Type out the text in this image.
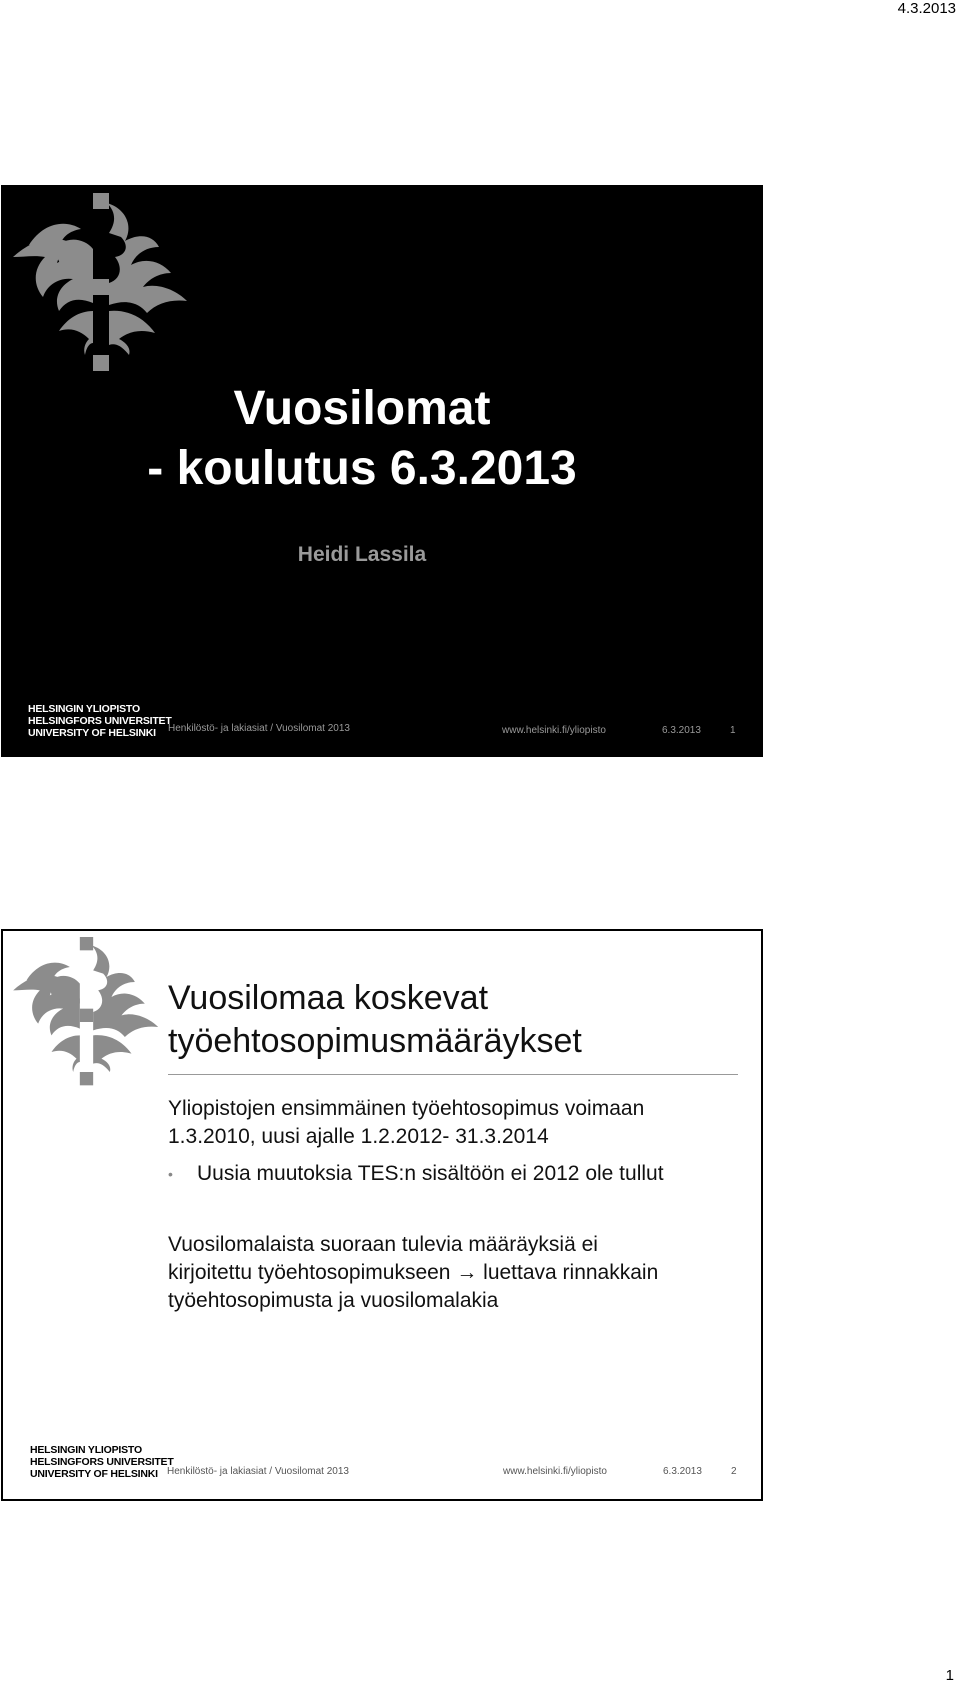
4.3.2013
Vuosilomat
- koulutus 6.3.2013
Heidi Lassila
HELSINGIN YLIOPISTO
HELSINGFORS UNIVERSITET
UNIVERSITY OF HELSINKI	Henkilöstö- ja lakiasiat / Vuosilomat 2013	www.helsinki.fi/yliopisto	6.3.2013	1
Vuosilomaa koskevat
työehtosopimusmääräykset
Yliopistojen ensimmäinen työehtosopimus voimaan
1.3.2010, uusi ajalle 1.2.2012- 31.3.2014
• Uusia muutoksia TES:n sisältöön ei 2012 ole tullut
Vuosilomalaista suoraan tulevia määräyksiä ei
kirjoitettu työehtosopimukseen → luettava rinnakkain
työehtosopimusta ja vuosilomalakia
HELSINGIN YLIOPISTO
HELSINGFORS UNIVERSITET
UNIVERSITY OF HELSINKI Henkilöstö- ja lakiasiat / Vuosilomat 2013	www.helsinki.fi/yliopisto	6.3.2013	2
1
